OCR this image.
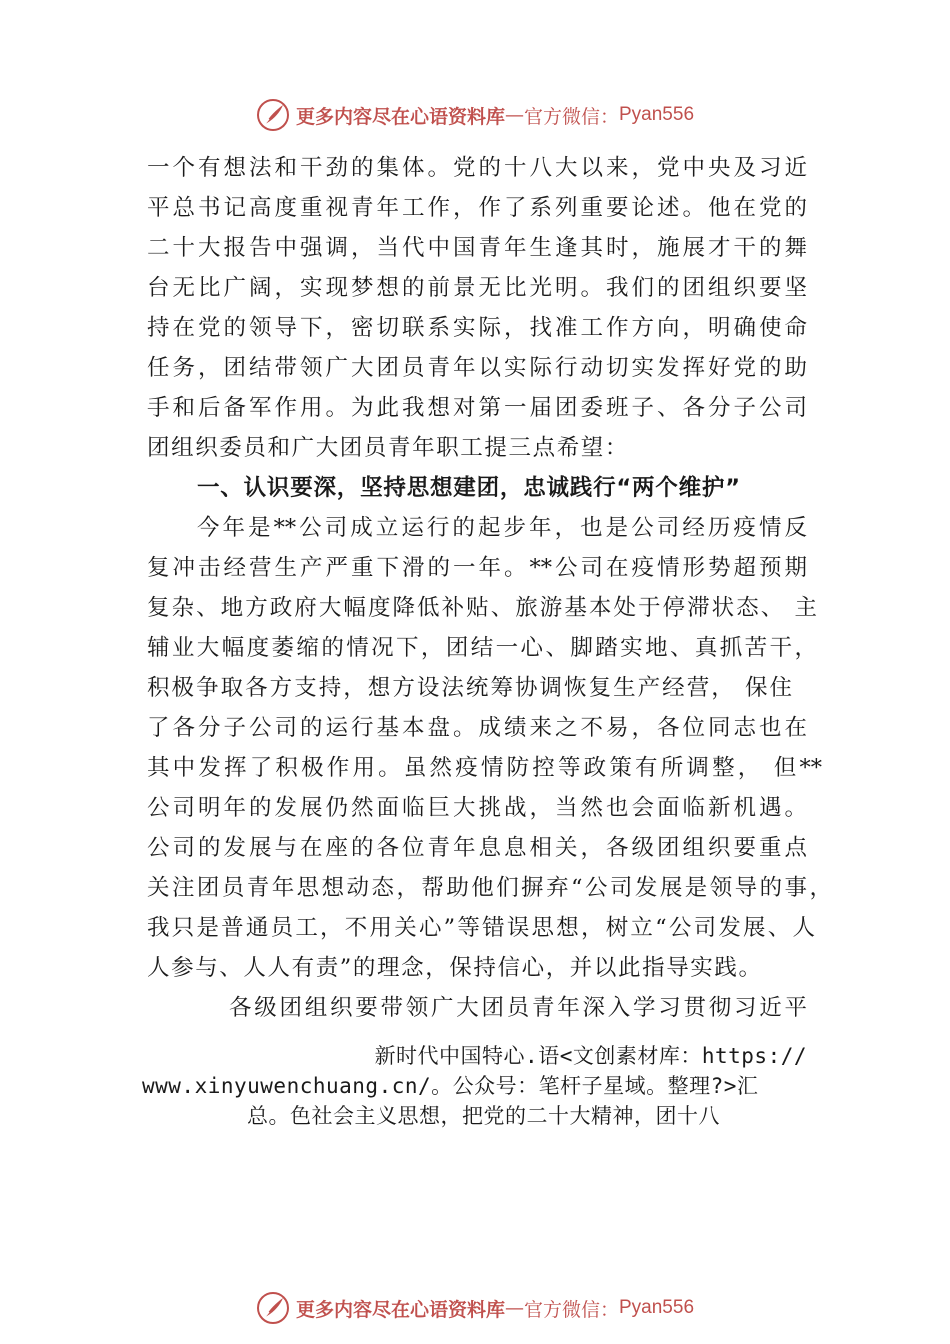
更多内容尽在心语资料库 — 官方微信： Pyan556
一个有想法和干劲的集体。党的十八大以来，党中央及习近
平总书记高度重视青年工作，作了系列重要论述。他在党的
二十大报告中强调，当代中国青年生逢其时，施展才干的舞
台无比广阔，实现梦想的前景无比光明。我们的团组织要坚
持在党的领导下，密切联系实际，找准工作方向，明确使命
任务，团结带领广大团员青年以实际行动切实发挥好党的助
手和后备军作用。为此我想对第一届团委班子、各分子公司
团组织委员和广大团员青年职工提三点希望：
一、认识要深，坚持思想建团，忠诚践行“两个维护”
今年是**公司成立运行的起步年，也是公司经历疫情反
复冲击经营生产严重下滑的一年。**公司在疫情形势超预期
复杂、地方政府大幅度降低补贴、旅游基本处于停滞状态、 主
辅业大幅度萎缩的情况下，团结一心、脚踏实地、真抓苦干，
积极争取各方支持，想方设法统筹协调恢复生产经营， 保住
了各分子公司的运行基本盘。成绩来之不易，各位同志也在
其中发挥了积极作用。虽然疫情防控等政策有所调整， 但**
公司明年的发展仍然面临巨大挑战，当然也会面临新机遇。
公司的发展与在座的各位青年息息相关，各级团组织要重点
关注团员青年思想动态，帮助他们摒弃“公司发展是领导的事，
我只是普通员工，不用关心”等错误思想，树立“公司发展、人
人参与、人人有责”的理念，保持信心，并以此指导实践。
各级团组织要带领广大团员青年深入学习贯彻习近平
新时代中国特心.语<文创素材库：https://
www.xinyuwenchuang.cn/。公众号：笔杆子星域。整理?>汇
总。色社会主义思想，把党的二十大精神，团十八
更多内容尽在心语资料库 — 官方微信： Pyan556
